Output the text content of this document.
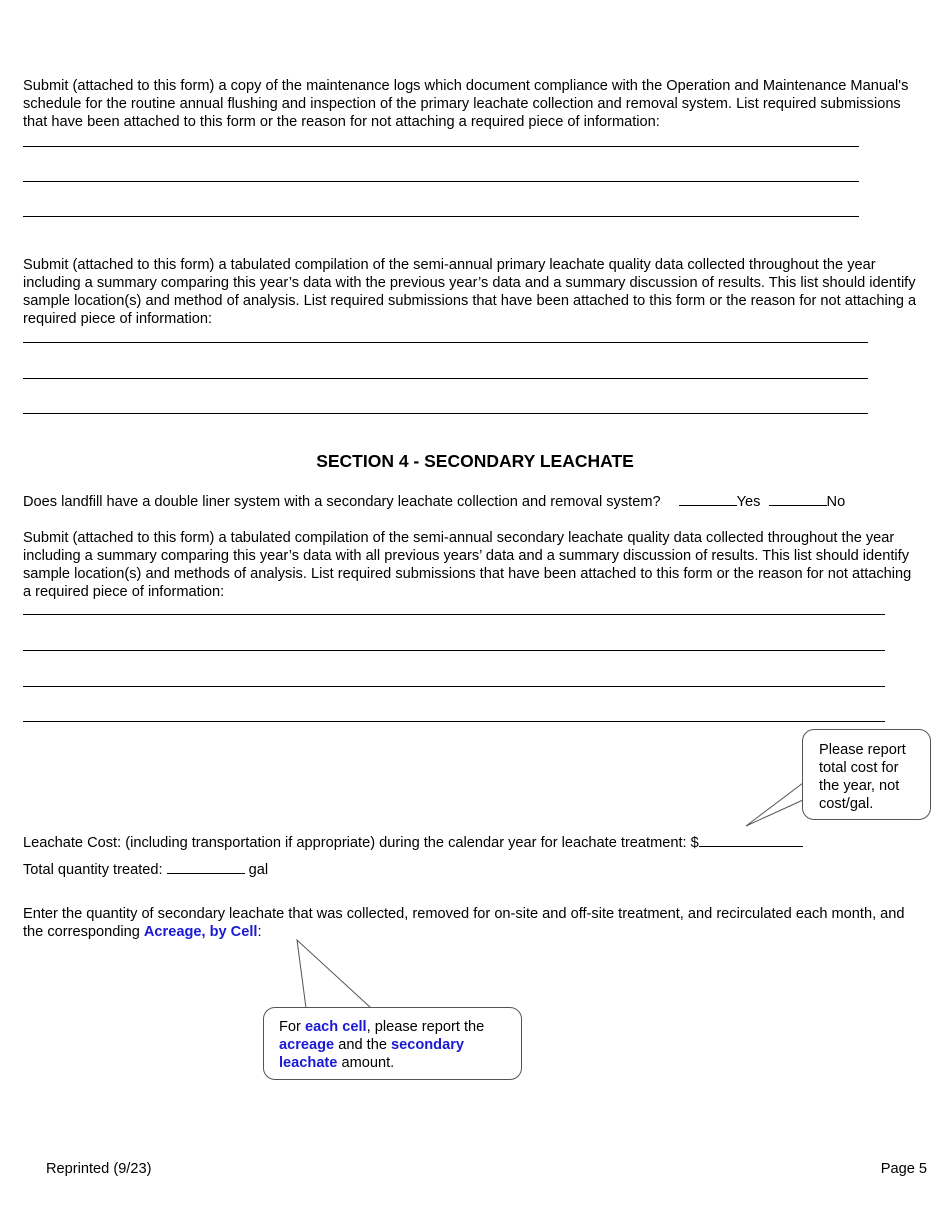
Submit (attached to this form) a copy of the maintenance logs which document compliance with the Operation and Maintenance Manual's schedule for the routine annual flushing and inspection of the primary leachate collection and removal system. List required submissions that have been attached to this form or the reason for not attaching a required piece of information:

Submit (attached to this form) a tabulated compilation of the semi-annual primary leachate quality data collected throughout the year including a summary comparing this year’s data with the previous year’s data and a summary discussion of results. This list should identify sample location(s) and method of analysis. List required submissions that have been attached to this form or the reason for not attaching a required piece of information:

SECTION 4 - SECONDARY LEACHATE
Does landfill have a double liner system with a secondary leachate collection and removal system?	Yes	No

Submit (attached to this form) a tabulated compilation of the semi-annual secondary leachate quality data collected throughout the year including a summary comparing this year’s data with all previous years’ data and a summary discussion of results. This list should identify sample location(s) and methods of analysis. List required submissions that have been attached to this form or the reason for not attaching a required piece of information:

Please report total cost for the year, not cost/gal.
Leachate Cost: (including transportation if appropriate) during the calendar year for leachate treatment: $
Total quantity treated:	gal

Enter the quantity of secondary leachate that was collected, removed for on-site and off-site treatment, and recirculated each month, and the corresponding Acreage, by Cell:

For each cell, please report the acreage and the secondary leachate amount.
Reprinted (9/23)	Page 5
